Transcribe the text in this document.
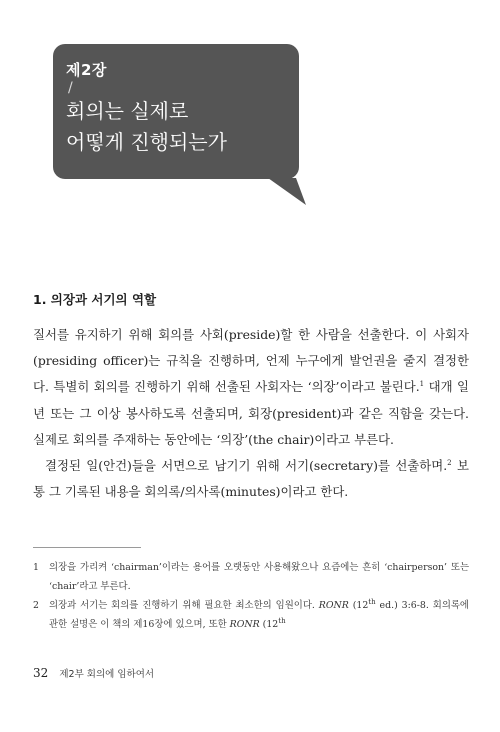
제2장
/
회의는 실제로
어떻게 진행되는가
1. 의장과 서기의 역할

질서를 유지하기 위해 회의를 사회(preside)할 한 사람을 선출한다. 이 사회자(presiding officer)는 규칙을 진행하며, 언제 누구에게 발언권을 줄지 결정한다. 특별히 회의를 진행하기 위해 선출된 사회자는 ‘의장’이라고 불린다.$^1$ 대개 일 년 또는 그 이상 봉사하도록 선출되며, 회장(president)과 같은 직함을 갖는다. 실제로 회의를 주재하는 동안에는 ‘의장’(the chair)이라고 부른다.

결정된 일(안건)들을 서면으로 남기기 위해 서기(secretary)를 선출하며.$^2$ 보통 그 기록된 내용을 회의록/의사록(minutes)이라고 한다.

1 의장을 가리켜 ‘chairman’이라는 용어를 오랫동안 사용해왔으나 요즘에는 흔히 ‘chairperson’ 또는 ‘chair’라고 부른다.
2 의장과 서기는 회의를 진행하기 위해 필요한 최소한의 임원이다. RONR (12th ed.) 3:6-8. 회의록에 관한 설명은 이 책의 제16장에 있으며, 또한 RONR (12th
32 제2부 회의에 임하여서
